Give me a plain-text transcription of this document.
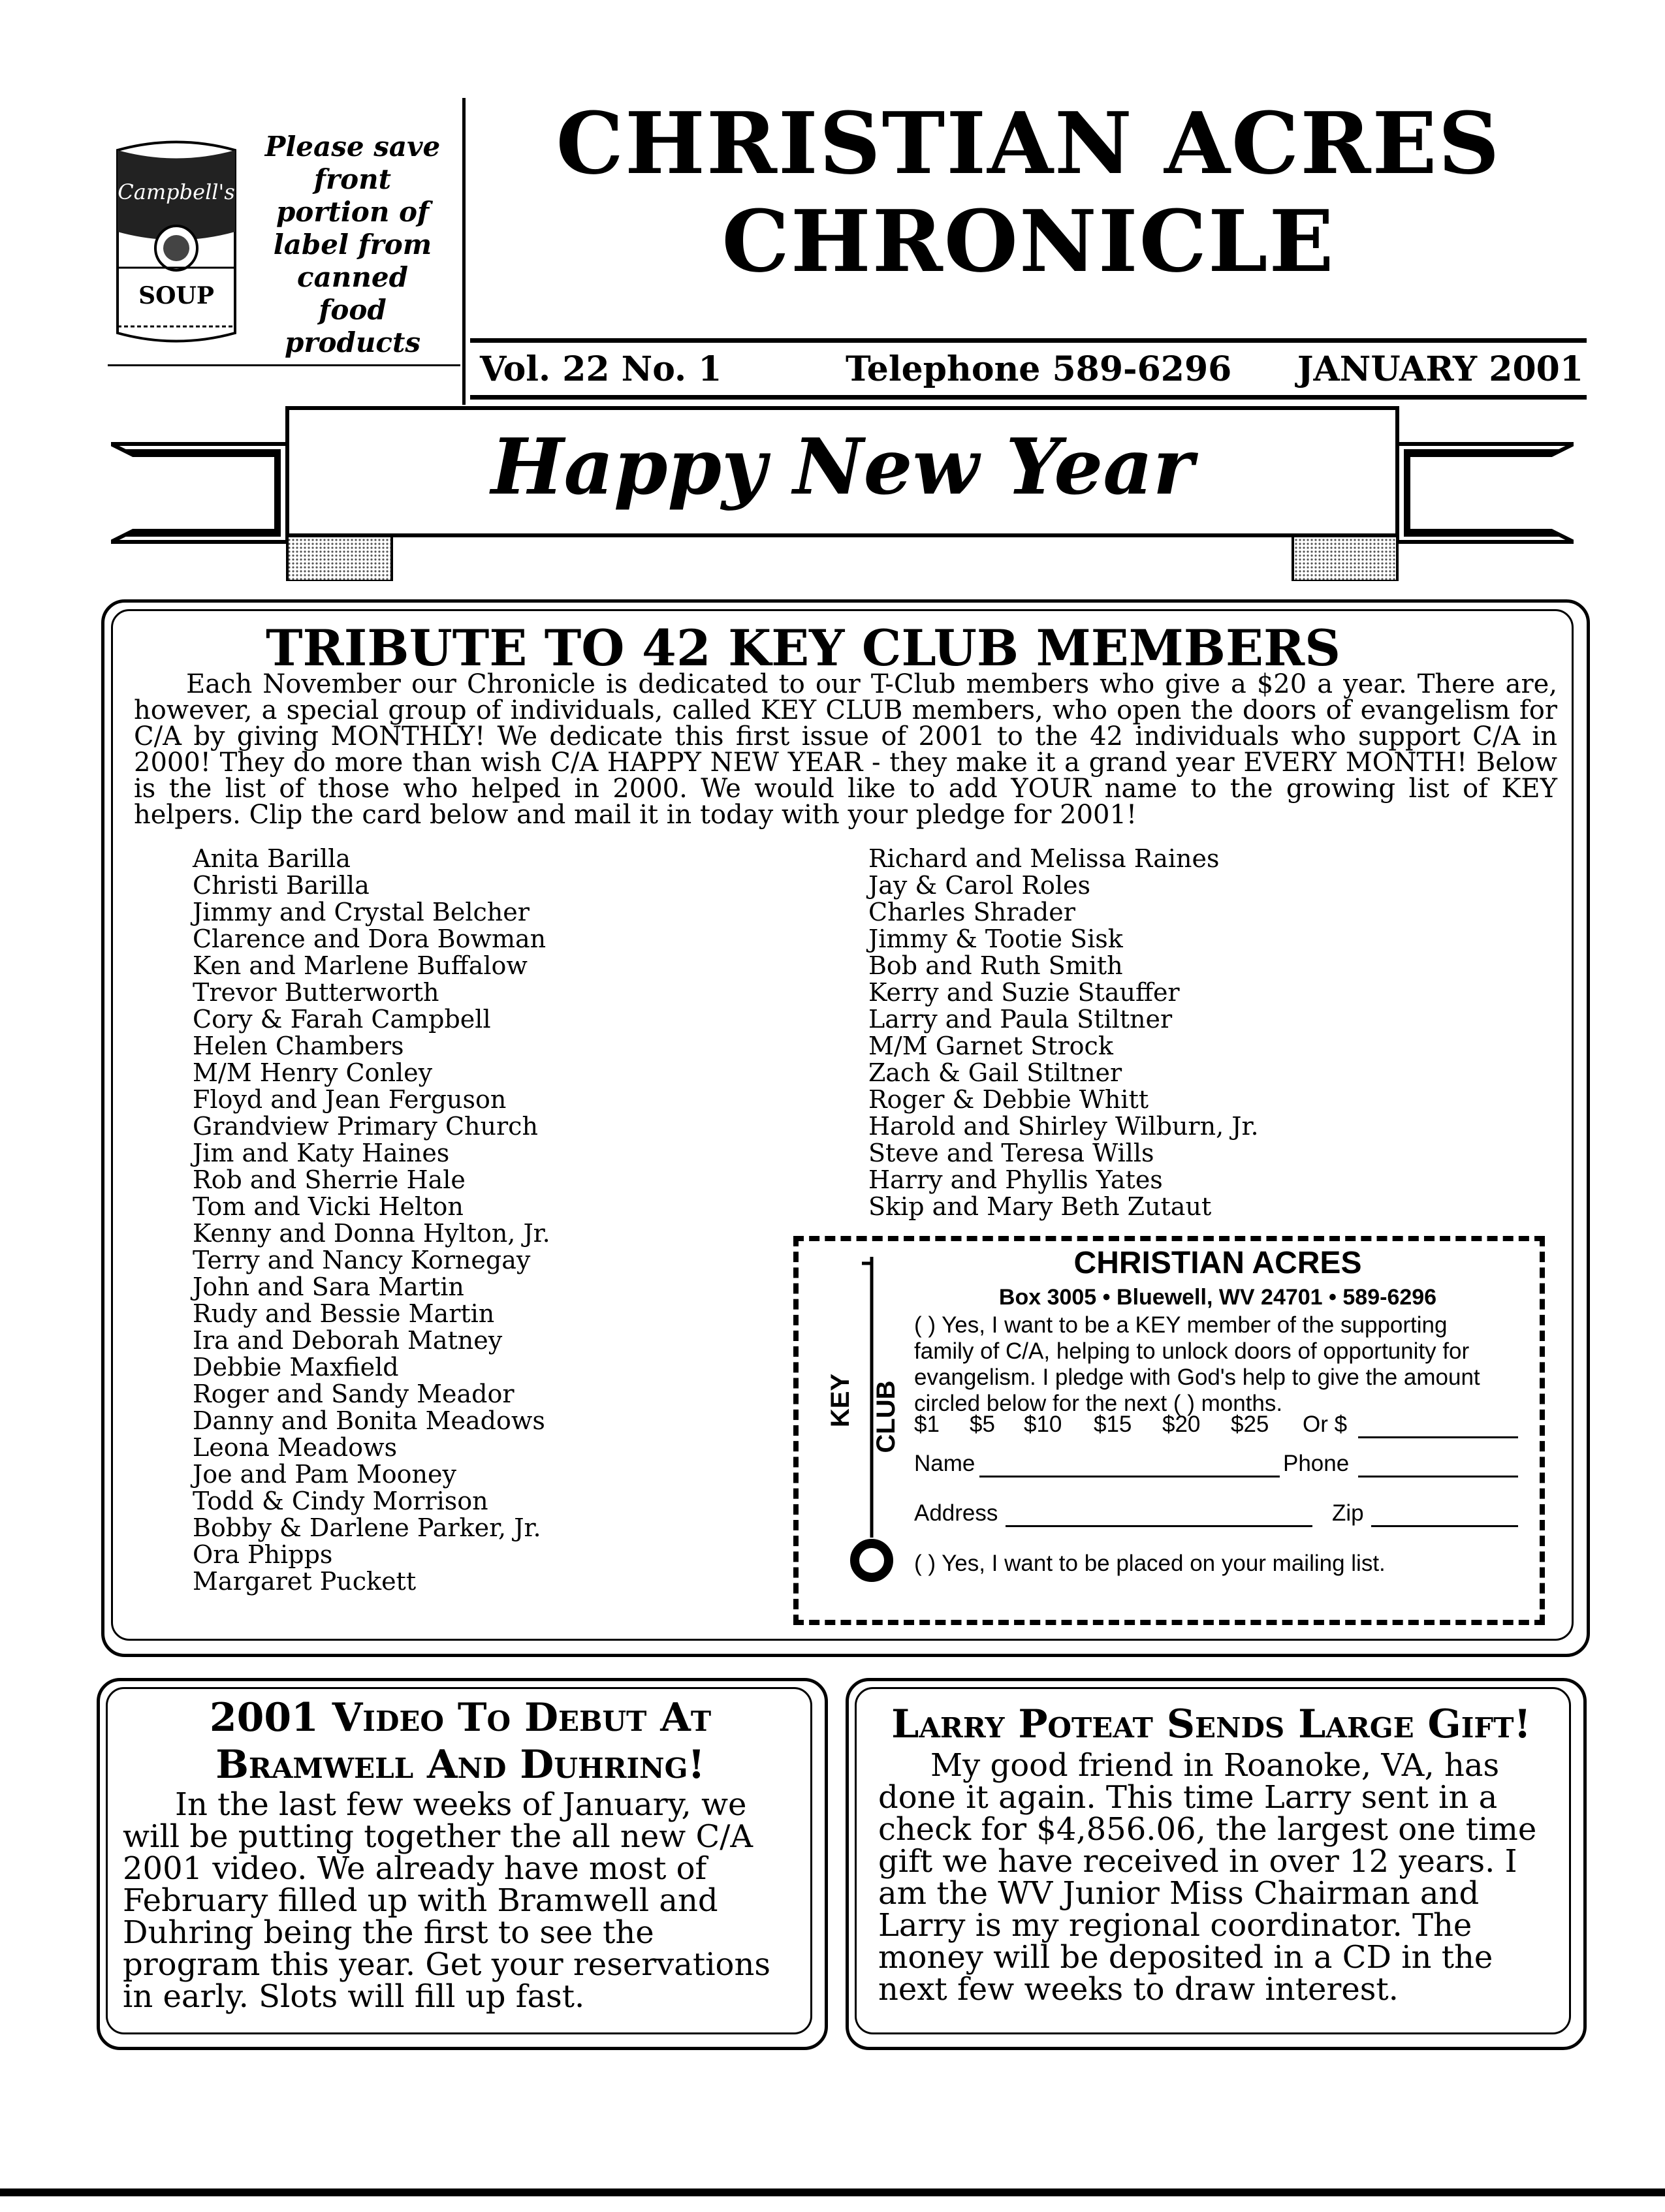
Campbell's
SOUP
Please save
front
portion of
label from
canned
food
products
CHRISTIAN ACRES
CHRONICLE
Vol. 22 No. 1	Telephone 589-6296 JANUARY 2001
Happy New Year
TRIBUTE TO 42 KEY CLUB MEMBERS
Each November our Chronicle is dedicated to our T-Club members who give a $20 a year. There are, however, a special group of individuals, called KEY CLUB members, who open the doors of evangelism for C/A by giving MONTHLY! We dedicate this first issue of 2001 to the 42 individuals who support C/A in 2000! They do more than wish C/A HAPPY NEW YEAR - they make it a grand year EVERY MONTH! Below is the list of those who helped in 2000. We would like to add YOUR name to the growing list of KEY helpers. Clip the card below and mail it in today with your pledge for 2001!
Anita Barilla
Christi Barilla
Jimmy and Crystal Belcher
Clarence and Dora Bowman
Ken and Marlene Buffalow
Trevor Butterworth
Cory & Farah Campbell
Helen Chambers
M/M Henry Conley
Floyd and Jean Ferguson
Grandview Primary Church
Jim and Katy Haines
Rob and Sherrie Hale
Tom and Vicki Helton
Kenny and Donna Hylton, Jr.
Terry and Nancy Kornegay
John and Sara Martin
Rudy and Bessie Martin
Ira and Deborah Matney
Debbie Maxfield
Roger and Sandy Meador
Danny and Bonita Meadows
Leona Meadows
Joe and Pam Mooney
Todd & Cindy Morrison
Bobby & Darlene Parker, Jr.
Ora Phipps
Margaret Puckett
Richard and Melissa Raines
Jay & Carol Roles
Charles Shrader
Jimmy & Tootie Sisk
Bob and Ruth Smith
Kerry and Suzie Stauffer
Larry and Paula Stiltner
M/M Garnet Strock
Zach & Gail Stiltner
Roger & Debbie Whitt
Harold and Shirley Wilburn, Jr.
Steve and Teresa Wills
Harry and Phyllis Yates
Skip and Mary Beth Zutaut
KEY CLUB
CHRISTIAN ACRES
Box 3005 • Bluewell, WV 24701 • 589-6296
( ) Yes, I want to be a KEY member of the supporting
family of C/A, helping to unlock doors of opportunity for
evangelism. I pledge with God's help to give the amount
circled below for the next ( ) months.
$1 $5 $10 $15 $20 $25 Or $
Name	Phone
Address	Zip
( ) Yes, I want to be placed on your mailing list.
2001 Video To Debut At
Bramwell And Duhring!
In the last few weeks of January, we will be putting together the all new C/A 2001 video. We already have most of February filled up with Bramwell and Duhring being the first to see the program this year. Get your reservations in early. Slots will fill up fast.
Larry Poteat Sends Large Gift!
My good friend in Roanoke, VA, has done it again. This time Larry sent in a check for $4,856.06, the largest one time gift we have received in over 12 years. I am the WV Junior Miss Chairman and Larry is my regional coordinator. The money will be deposited in a CD in the next few weeks to draw interest.
